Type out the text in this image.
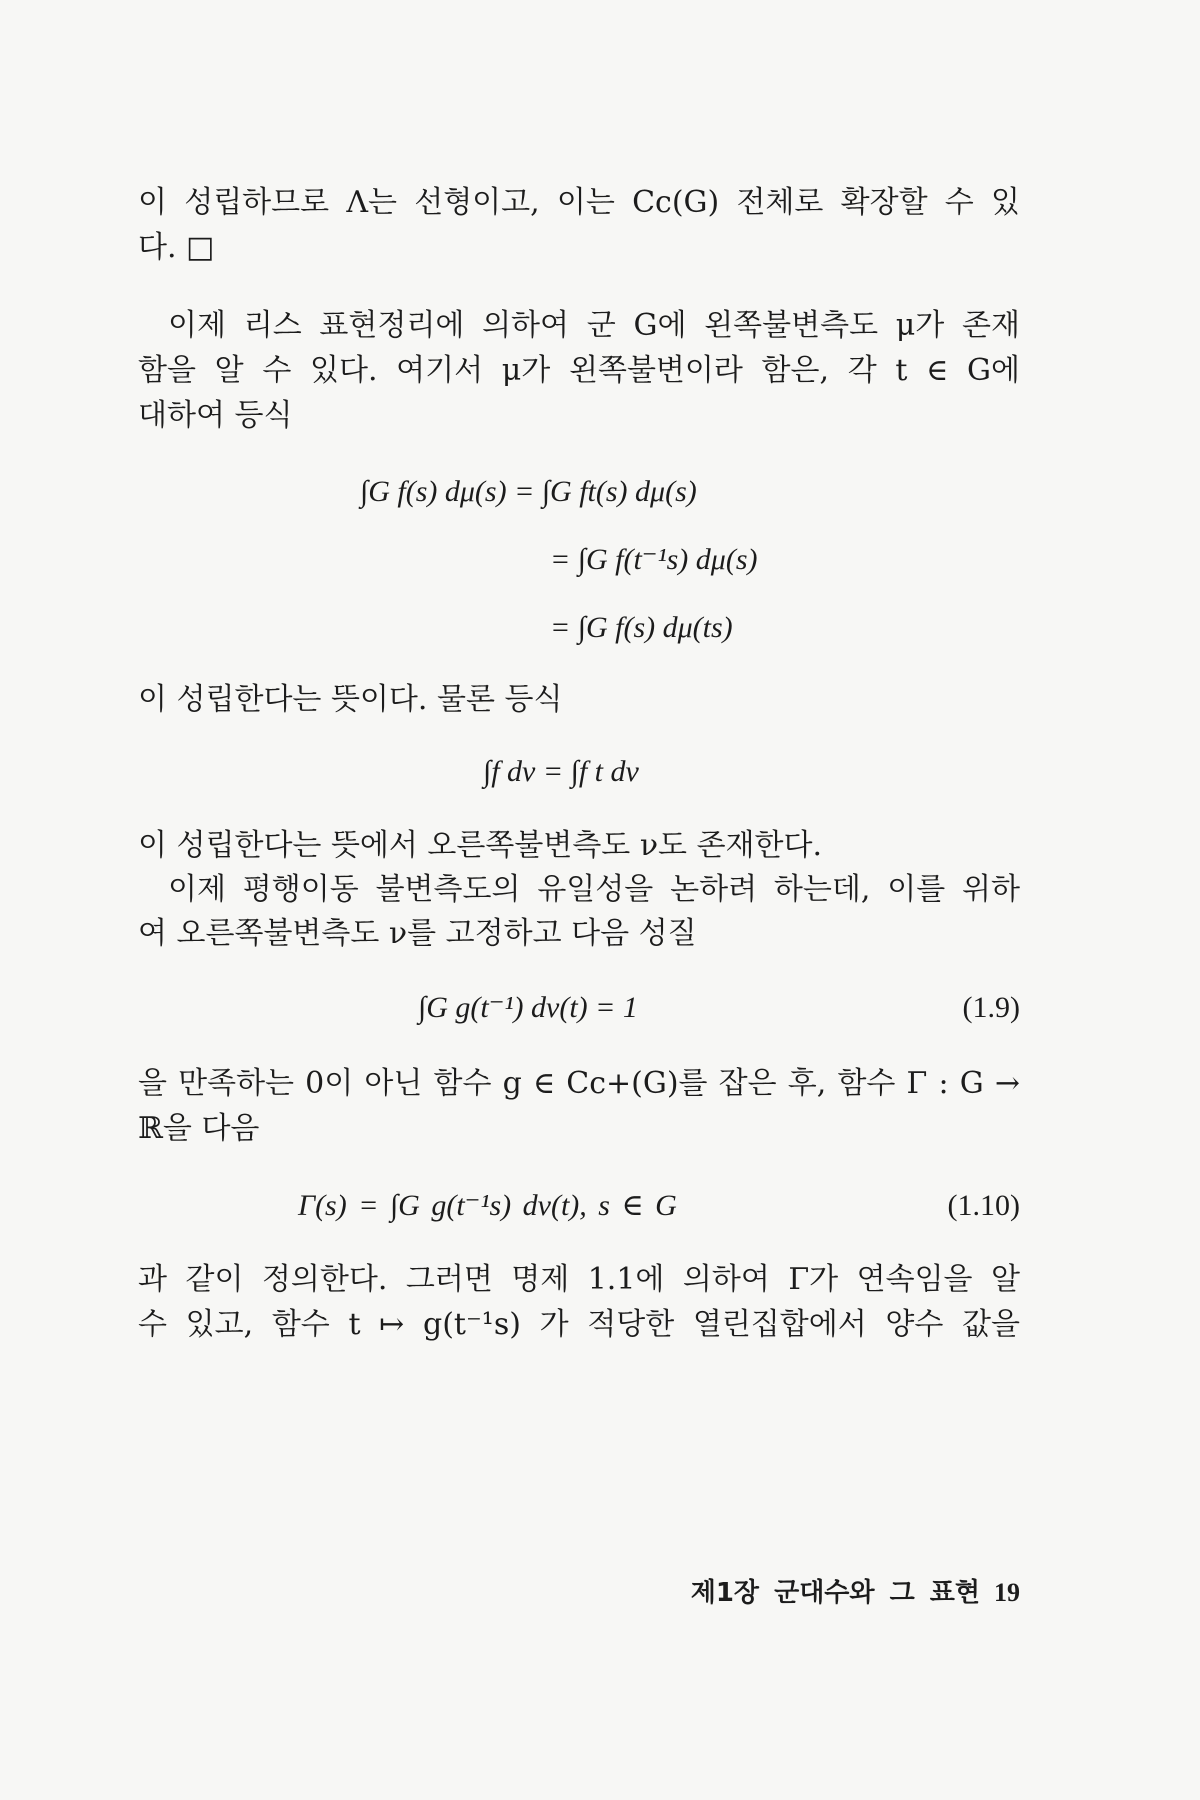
이 성립하므로 Λ는 선형이고, 이는 Cc(G) 전체로 확장할 수 있
다. □
이제 리스 표현정리에 의하여 군 G에 왼쪽불변측도 μ가 존재
함을 알 수 있다. 여기서 μ가 왼쪽불변이라 함은, 각 t ∈ G에
대하여 등식
∫G f(s) dμ(s) = ∫G ft(s) dμ(s)
= ∫G f(t⁻¹s) dμ(s)
= ∫G f(s) dμ(ts)
이 성립한다는 뜻이다. 물론 등식
∫f dν = ∫f t dν
이 성립한다는 뜻에서 오른쪽불변측도 ν도 존재한다.
이제 평행이동 불변측도의 유일성을 논하려 하는데, 이를 위하
여 오른쪽불변측도 ν를 고정하고 다음 성질
∫G g(t⁻¹) dν(t) = 1	(1.9)
을 만족하는 0이 아닌 함수 g ∈ Cc+(G)를 잡은 후, 함수 Γ : G →
ℝ을 다음
Γ(s) = ∫G g(t⁻¹s) dν(t), s ∈ G	(1.10)
과 같이 정의한다. 그러면 명제 1.1에 의하여 Γ가 연속임을 알
수 있고, 함수 t ↦ g(t⁻¹s) 가 적당한 열린집합에서 양수 값을
제1장 군대수와 그 표현 19
